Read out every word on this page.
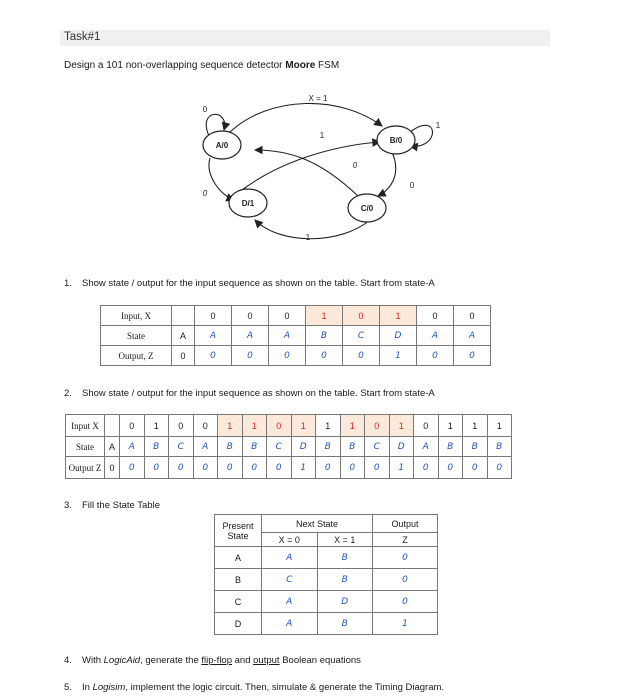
Task#1
Design a 101 non-overlapping sequence detector Moore FSM
A/0
B/0
C/0
D/1
0
X = 1
1
0
0
0
1
1
1. Show state / output for the input sequence as shown on the table. Start from state-A
Input, X		0	0	0	1	0	1	0	0
State	A	A	A	A	B	C	D	A	A
Output, Z	0	0	0	0	0	0	1	0	0
2. Show state / output for the input sequence as shown on the table. Start from state-A
Input X		0	1	0	0	1	1	0	1	1	1	0	1	0	1	1	1
State	A	A	B	C	A	B	B	C	D	B	B	C	D	A	B	B	B
Output Z	0	0	0	0	0	0	0	0	1	0	0	0	1	0	0	0	0
3. Fill the State Table
Present State	Next State		Output
	X = 0	X = 1	Z
A	A	B	0
B	C	B	0
C	A	D	0
D	A	B	1
4. With LogicAid, generate the flip-flop and output Boolean equations
5. In Logisim, implement the logic circuit. Then, simulate & generate the Timing Diagram.
